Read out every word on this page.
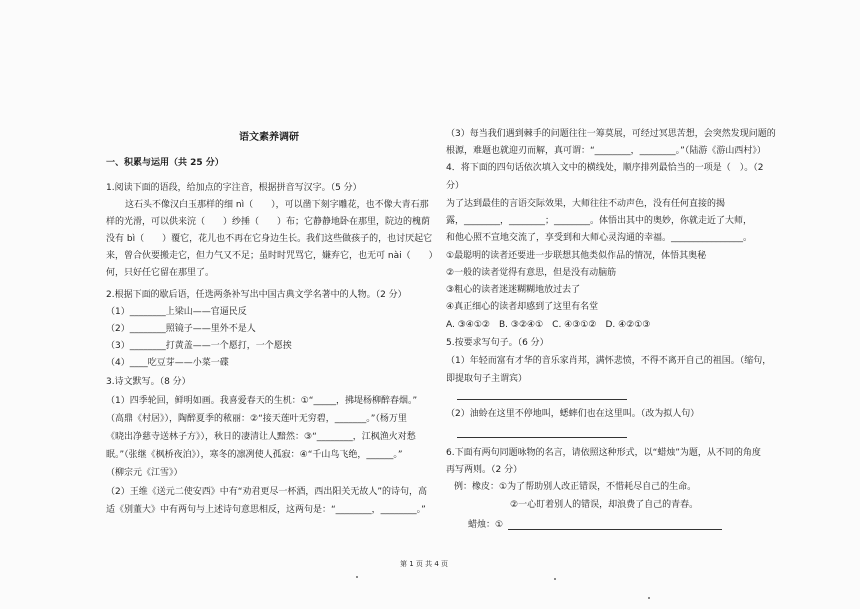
语文素养调研
一、积累与运用（共 25 分）
1.阅读下面的语段，给加点的字注音，根据拼音写汉字。（5 分）
这石头不像汉白玉那样的细 nì（　　），可以凿下刻字雕花，也不像大青石那
样的光滑，可以供来浣（　　）纱捶（　　）布；它静静地卧在那里，院边的槐荫
没有 bì（　　）覆它，花儿也不再在它身边生长。我们这些做孩子的，也讨厌起它
来，曾合伙要搬走它，但力气又不足；虽时时咒骂它，嫌弃它，也无可 nài（　　）
何，只好任它留在那里了。
2.根据下面的歇后语，任选两条补写出中国古典文学名著中的人物。（2 分）
（1）________上梁山——官逼民反
（2）________照镜子——里外不是人
（3）________打黄盖——一个愿打，一个愿挨
（4）____吃豆芽——小菜一碟
3.诗文默写。（8 分）
（1）四季轮回，鲜明如画。我喜爱春天的生机：①“_____，拂堤杨柳醉春烟。”
（高鼎《村居》），陶醉夏季的秾丽：②“接天莲叶无穷碧，_______。”（杨万里
《晓出净慈寺送林子方》），秋日的凄清让人黯然：③“________，江枫渔火对愁
眠。”（张继《枫桥夜泊》），寒冬的凛冽使人孤寂：④“千山鸟飞绝，______。”
（柳宗元《江雪》）
（2）王维《送元二使安西》中有“劝君更尽一杯酒，西出阳关无故人”的诗句，高
适《别董大》中有两句与上述诗句意思相反，这两句是：“________，________。”
（3）每当我们遇到棘手的问题往往一筹莫展，可经过冥思苦想，会突然发现问题的
根源，难题也就迎刃而解，真可谓：“________，________。”（陆游《游山西村》）
4．将下面的四句话依次填入文中的横线处，顺序排列最恰当的一项是（　）。（2
分）
为了达到最佳的言语交际效果，大师往往不动声色，没有任何直接的揭
露，________，________；________。体悟出其中的奥妙，你就走近了大师，
和他心照不宣地交流了，享受到和大师心灵沟通的幸福。________________。
①最聪明的读者还要进一步联想其他类似作品的情况，体悟其奥秘
②一般的读者觉得有意思，但是没有动脑筋
③粗心的读者迷迷糊糊地放过去了
④真正细心的读者却感到了这里有名堂
A. ③④①②　B. ③②④①　C. ④③①②　D. ④②①③
5.按要求写句子。（6 分）
（1）年轻而富有才华的音乐家肖邦，满怀悲愤，不得不离开自己的祖国。（缩句，
即提取句子主谓宾）
（2）油蛉在这里不停地叫，蟋蟀们也在这里叫。（改为拟人句）
6.下面有两句同题咏物的名言，请依照这种形式，以“蜡烛”为题，从不同的角度
再写两则。（2 分）
例：橡皮：①为了帮助别人改正错误，不惜耗尽自己的生命。
②一心盯着别人的错误，却浪费了自己的青春。
蜡烛：①
第 1 页 共 4 页
